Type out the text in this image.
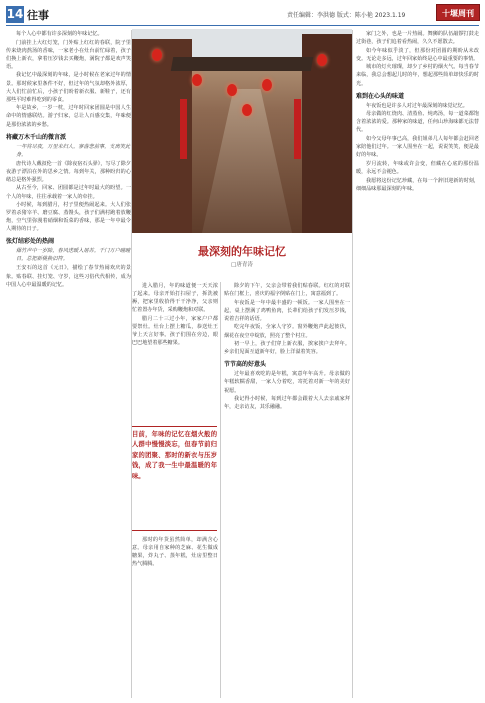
14 往事	责任编辑：李洪德 版式：陈小艳 2023.1.19	十堰周刊

每个人心中都有许多深刻的年味记忆。

门前挂上大红灯笼，门外贴上红红的春联，院子里传来烧肉熬汤的香味，一家老小在灶台前忙碌着，孩子们换上新衣，拿着压岁钱去买鞭炮，满院子都是欢声笑语。

我记忆中最深刻的年味，是小时候在老家过年的情景。那时候家里条件不好，但过年的气氛却格外浓厚，大人们忙前忙后，小孩子们盼着新衣服、新鞋子，还有那些平时难得吃到的零食。

年是故乡，一岁一枕，过年时回家团圆是中国人生命中的情感联结。游子归家，总让人百感交集，年味便是那份浓浓的乡愁。

将藏万木千山的微言派
一年将尽夜，万里未归人。寥落悲前事，支离笑此身。

唐代诗人戴叔伦一首《除夜宿石头驿》，写尽了除夕夜游子漂泊在外的思乡之情。每到年关，那种盼归的心绪总是格外强烈。

从古至今，回家、团圆都是过年时最大的盼望。一个人的年味，往往承载着一家人的牵挂。

小时候，每到腊月，村子里便热闹起来。大人们张罗着杀猪宰羊、磨豆腐、蒸馒头，孩子们满村跑着放鞭炮，空气里弥漫着硝烟和饭菜的香味，那是一年中最令人期待的日子。

张灯结彩处的热闹
爆竹声中一岁除，春风送暖入屠苏。千门万户曈曈日，总把新桃换旧符。

王安石的这首《元日》，描绘了春节热闹欢庆的景象。贴春联、挂灯笼、守岁，这些习俗代代相传，成为中国人心中最温暖的记忆。

最深刻的年味记忆
□唐青涛

进入腊月，年的味道便一天天浓了起来。母亲开始打扫屋子，拆洗被褥，把家里收拾得干干净净，父亲则忙着置办年货，采购鞭炮和对联。

腊月二十三过小年，家家户户都要祭灶。灶台上摆上糖瓜，恭送灶王爷上天言好事。孩子们围在旁边，眼巴巴地望着那些糖果。

目前，年味的记忆在烟火般的人群中慢慢淡忘，但春节前归家的团聚、那时的新衣与压岁钱，成了我一生中最温暖的年味。

那时的年货虽然简单，却满含心意。母亲用自家种的芝麻、花生做成糖果，炸丸子、蒸年糕，灶房里整日热气腾腾。

除夕的下午，父亲会带着我们贴春联。红红的对联贴在门框上，喜庆的福字倒贴在门上，寓意福到了。

年夜饭是一年中最丰盛的一顿饭。一家人围坐在一起，桌上摆满了鸡鸭鱼肉，长辈们给孩子们发压岁钱，说着吉祥的话语。

吃完年夜饭，全家人守岁。窗外鞭炮声此起彼伏，烟花在夜空中绽放，照亮了整个村庄。

初一早上，孩子们穿上新衣服，挨家挨户去拜年。乡亲们见面互道新年好，脸上洋溢着笑容。

节节高的好意头

过年最喜欢吃的是年糕，寓意年年高升。母亲做的年糕软糯香甜，一家人分着吃，寄托着对新一年的美好祝愿。

我记得小时候，每到过年都会跟着大人去亲戚家拜年，走亲访友，其乐融融。

家门之外，也是一片热闹。舞狮的队伍敲锣打鼓走过街巷，孩子们追着看热闹，久久不愿散去。

如今年味似乎淡了，但那份对团圆的期盼从未改变。无论走多远，过年回家始终是心中最重要的事情。

城市的灯火璀璨，却少了乡村的烟火气。每当春节来临，我总会想起儿时的年，想起那些简单却快乐的时光。

难到在心头的味道

年夜饭也是许多人对过年最深刻的味觉记忆。

母亲做的红烧肉、清蒸鱼、炖鸡汤，每一道菜都饱含着浓浓的爱。那种家的味道，任何山珍海味都无法替代。

如今父母年事已高，我们姐弟几人每年都会赶回老家陪他们过年。一家人围坐在一起，说说笑笑，便是最好的年味。

岁月流转，年味或许会变，但藏在心底的那份温暖，永远不会褪色。

我愿将这份记忆珍藏，在每一个辞旧迎新的时刻，细细品味那最深刻的年味。
